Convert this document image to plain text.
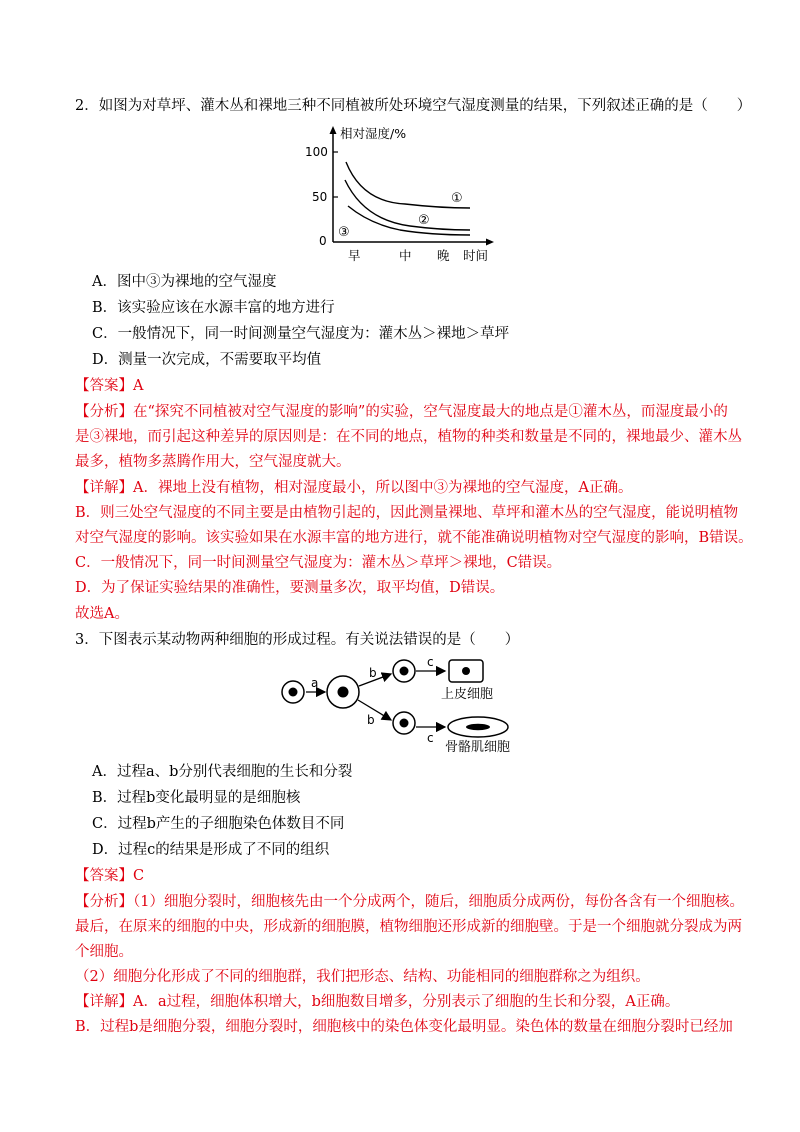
2．如图为对草坪、灌木丛和裸地三种不同植被所处环境空气湿度测量的结果，下列叙述正确的是（　　）
相对湿度/%
100
50
0
早	中 晚 时间
①
②
③
A．图中③为裸地的空气湿度
B．该实验应该在水源丰富的地方进行
C．一般情况下，同一时间测量空气湿度为：灌木丛＞裸地＞草坪
D．测量一次完成，不需要取平均值
【答案】A
【分析】在“探究不同植被对空气湿度的影响”的实验，空气湿度最大的地点是①灌木丛，而湿度最小的
是③裸地，而引起这种差异的原因则是：在不同的地点，植物的种类和数量是不同的，裸地最少、灌木丛
最多，植物多蒸腾作用大，空气湿度就大。
【详解】A．裸地上没有植物，相对湿度最小，所以图中③为裸地的空气湿度，A正确。
B．则三处空气湿度的不同主要是由植物引起的，因此测量裸地、草坪和灌木丛的空气湿度，能说明植物
对空气湿度的影响。该实验如果在水源丰富的地方进行，就不能准确说明植物对空气湿度的影响，B错误。
C．一般情况下，同一时间测量空气湿度为：灌木丛＞草坪＞裸地，C错误。
D．为了保证实验结果的准确性，要测量多次，取平均值，D错误。
故选A。
3．下图表示某动物两种细胞的形成过程。有关说法错误的是（　　）
a
b
b
c
c
上皮细胞
骨骼肌细胞
A．过程a、b分别代表细胞的生长和分裂
B．过程b变化最明显的是细胞核
C．过程b产生的子细胞染色体数目不同
D．过程c的结果是形成了不同的组织
【答案】C
【分析】（1）细胞分裂时，细胞核先由一个分成两个，随后，细胞质分成两份，每份各含有一个细胞核。
最后，在原来的细胞的中央，形成新的细胞膜，植物细胞还形成新的细胞壁。于是一个细胞就分裂成为两
个细胞。
（2）细胞分化形成了不同的细胞群，我们把形态、结构、功能相同的细胞群称之为组织。
【详解】A．a过程，细胞体积增大，b细胞数目增多，分别表示了细胞的生长和分裂，A正确。
B．过程b是细胞分裂，细胞分裂时，细胞核中的染色体变化最明显。染色体的数量在细胞分裂时已经加
